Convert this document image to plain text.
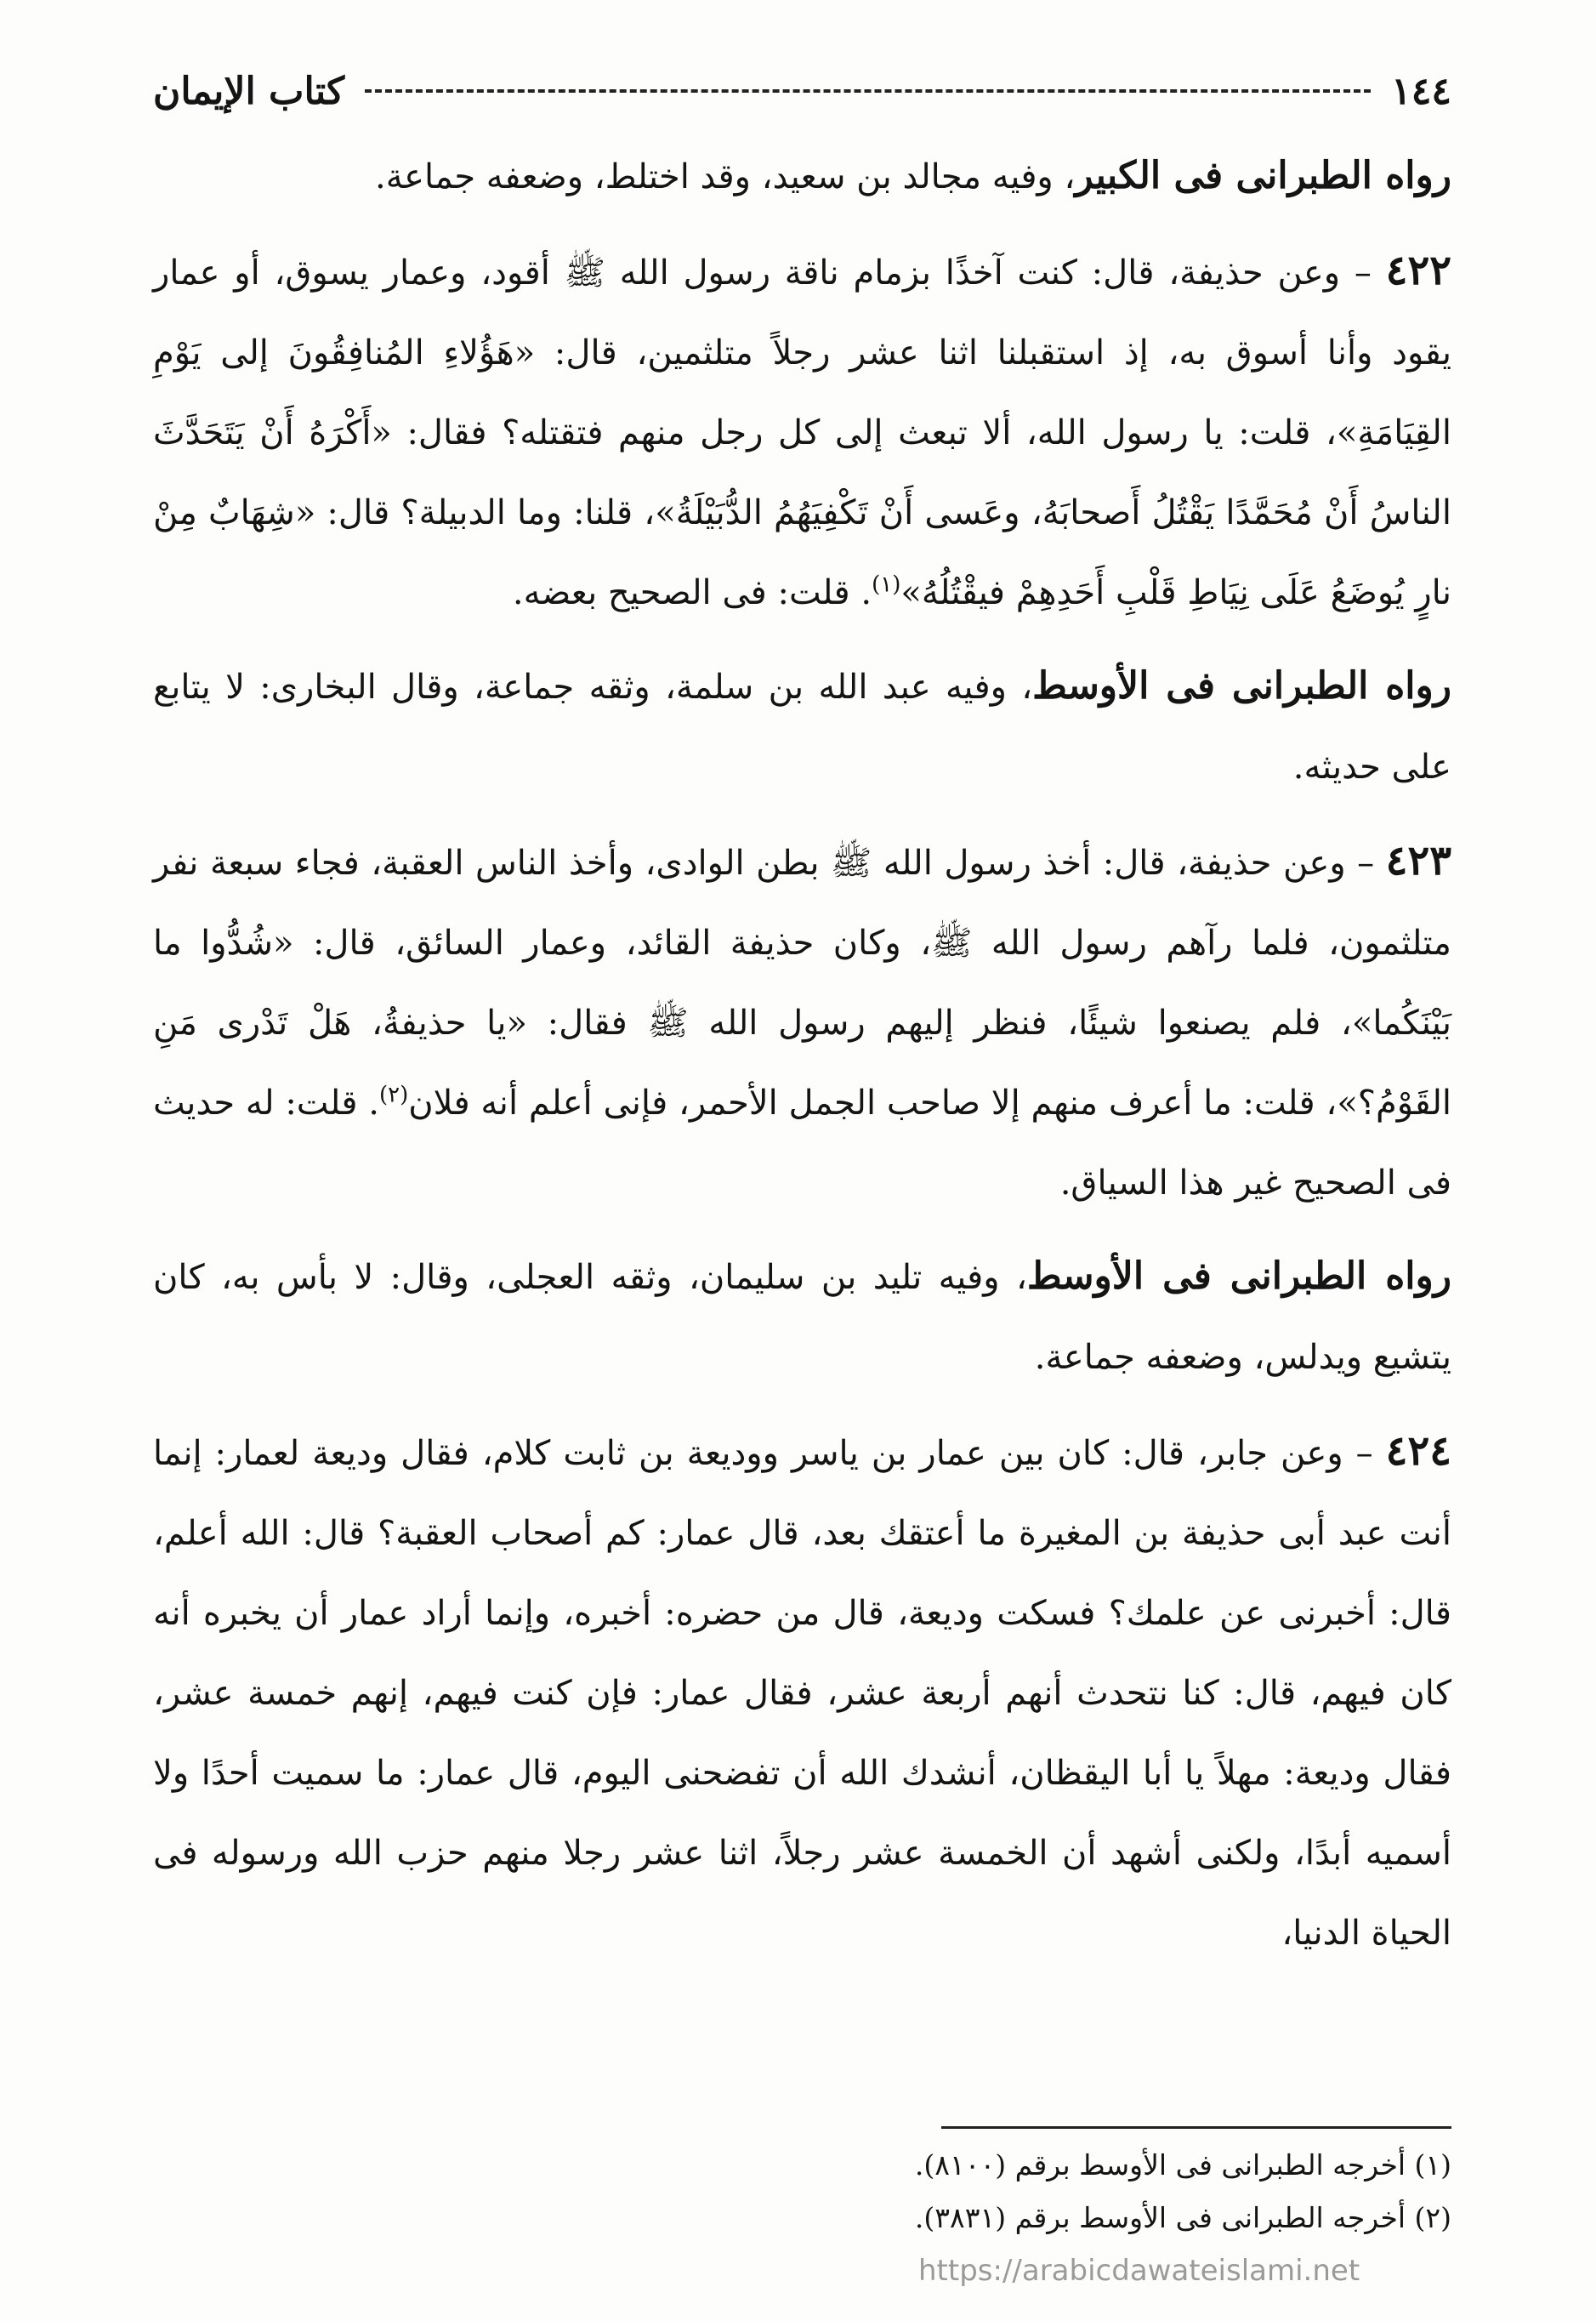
١٤٤
كتاب الإيمان

رواه الطبرانى فى الكبير، وفيه مجالد بن سعيد، وقد اختلط، وضعفه جماعة.

٤٢٢ – وعن حذيفة، قال: كنت آخذًا بزمام ناقة رسول الله ﷺ أقود، وعمار يسوق، أو عمار يقود وأنا أسوق به، إذ استقبلنا اثنا عشر رجلاً متلثمين، قال: «هَؤُلاءِ المُنافِقُونَ إلى يَوْمِ القِيَامَةِ»، قلت: يا رسول الله، ألا تبعث إلى كل رجل منهم فتقتله؟ فقال: «أَكْرَهُ أَنْ يَتَحَدَّثَ الناسُ أَنْ مُحَمَّدًا يَقْتُلُ أَصحابَهُ، وعَسى أَنْ تَكْفِيَهُمُ الدُّبَيْلَةُ»، قلنا: وما الدبيلة؟ قال: «شِهَابٌ مِنْ نارٍ يُوضَعُ عَلَى نِيَاطِ قَلْبِ أَحَدِهِمْ فيقْتُلُهُ»$^{(١)}$. قلت: فى الصحيح بعضه.

رواه الطبرانى فى الأوسط، وفيه عبد الله بن سلمة، وثقه جماعة، وقال البخارى: لا يتابع على حديثه.

٤٢٣ – وعن حذيفة، قال: أخذ رسول الله ﷺ بطن الوادى، وأخذ الناس العقبة، فجاء سبعة نفر متلثمون، فلما رآهم رسول الله ﷺ، وكان حذيفة القائد، وعمار السائق، قال: «شُدُّوا ما بَيْنَكُما»، فلم يصنعوا شيئًا، فنظر إليهم رسول الله ﷺ فقال: «يا حذيفةُ، هَلْ تَدْرى مَنِ القَوْمُ؟»، قلت: ما أعرف منهم إلا صاحب الجمل الأحمر، فإنى أعلم أنه فلان$^{(٢)}$. قلت: له حديث فى الصحيح غير هذا السياق.

رواه الطبرانى فى الأوسط، وفيه تليد بن سليمان، وثقه العجلى، وقال: لا بأس به، كان يتشيع ويدلس، وضعفه جماعة.

٤٢٤ – وعن جابر، قال: كان بين عمار بن ياسر ووديعة بن ثابت كلام، فقال وديعة لعمار: إنما أنت عبد أبى حذيفة بن المغيرة ما أعتقك بعد، قال عمار: كم أصحاب العقبة؟ قال: الله أعلم، قال: أخبرنى عن علمك؟ فسكت وديعة، قال من حضره: أخبره، وإنما أراد عمار أن يخبره أنه كان فيهم، قال: كنا نتحدث أنهم أربعة عشر، فقال عمار: فإن كنت فيهم، إنهم خمسة عشر، فقال وديعة: مهلاً يا أبا اليقظان، أنشدك الله أن تفضحنى اليوم، قال عمار: ما سميت أحدًا ولا أسميه أبدًا، ولكنى أشهد أن الخمسة عشر رجلاً، اثنا عشر رجلا منهم حزب الله ورسوله فى الحياة الدنيا،

(١) أخرجه الطبرانى فى الأوسط برقم (٨١٠٠).
(٢) أخرجه الطبرانى فى الأوسط برقم (٣٨٣١).
https://arabicdawateislami.net
